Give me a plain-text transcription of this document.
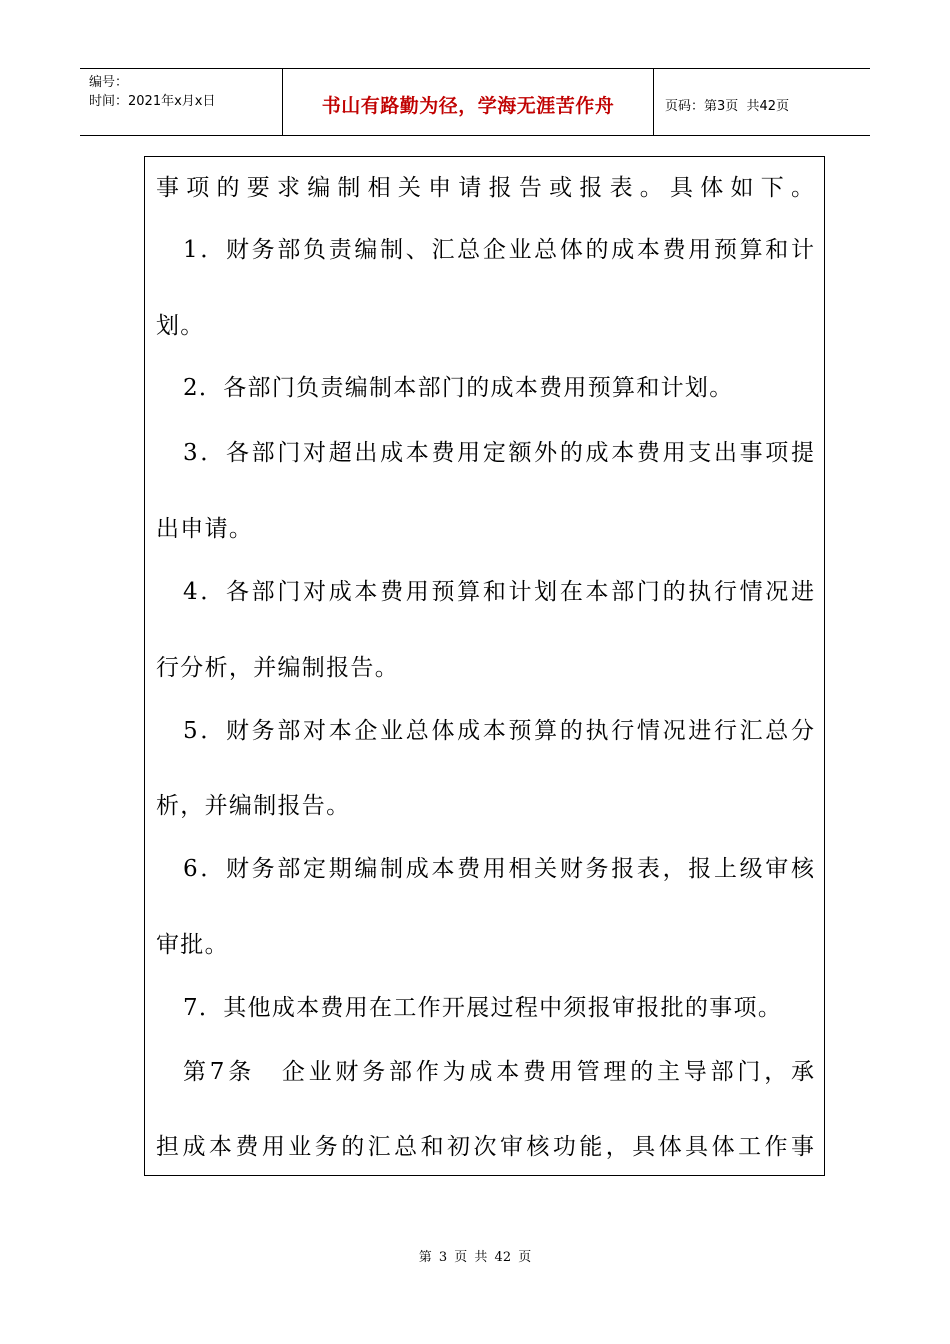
编号：
时间：2021年x月x日	书山有路勤为径，学海无涯苦作舟	页码：第3页  共42页
事项的要求编制相关申请报告或报表。具体如下。
1．财务部负责编制、汇总企业总体的成本费用预算和计
划。
2．各部门负责编制本部门的成本费用预算和计划。
3．各部门对超出成本费用定额外的成本费用支出事项提
出申请。
4．各部门对成本费用预算和计划在本部门的执行情况进
行分析，并编制报告。
5．财务部对本企业总体成本预算的执行情况进行汇总分
析，并编制报告。
6．财务部定期编制成本费用相关财务报表，报上级审核
审批。
7．其他成本费用在工作开展过程中须报审报批的事项。
第7条　企业财务部作为成本费用管理的主导部门，承
担成本费用业务的汇总和初次审核功能，具体具体工作事
第 3 页 共 42 页
